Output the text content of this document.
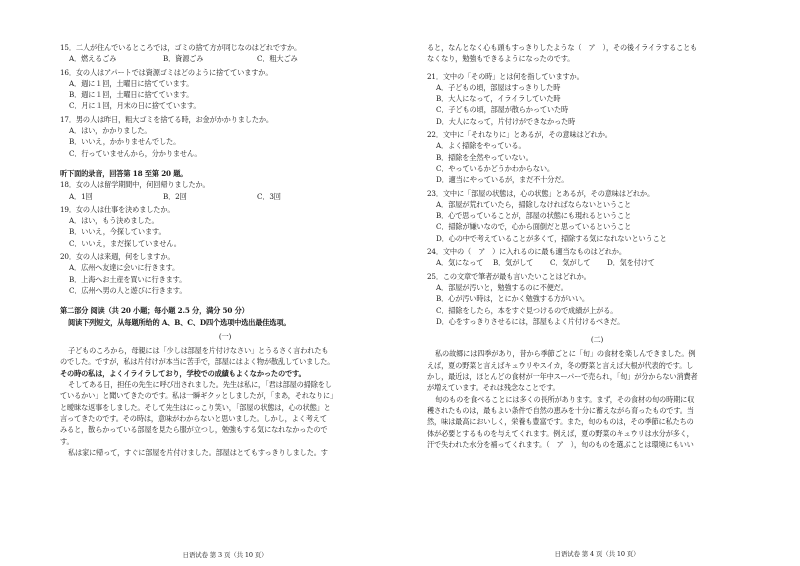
15．二人が住んでいるところでは，ゴミの捨て方が同じなのはどれですか。
A．燃えるごみ	B．資源ごみ	C．粗大ごみ
16．女の人はアパートでは資源ゴミはどのように捨てていますか。
A．週に１回，土曜日に捨てています。
B．週に１回，土曜日に捨てています。
C．月に１回，月末の日に捨てています。
17．男の人は昨日，粗大ゴミを捨てる時，お金がかかりましたか。
A．はい，かかりました。
B．いいえ，かかりませんでした。
C．行っていませんから，分かりません。
听下面的录音，回答第 18 至第 20 题。
18．女の人は留学期間中，何回帰りましたか。
A．1回	B．2回	C．3回
19．女の人は仕事を決めましたか。
A．はい，もう決めました。
B．いいえ，今探しています。
C．いいえ，まだ探していません。
20．女の人は来週，何をしますか。
A．広州へ友達に会いに行きます。
B．上海へお土産を買いに行きます。
C．広州へ男の人と遊びに行きます。
第二部分 阅读（共 20 小题；每小题 2.5 分，满分 50 分）
阅读下列短文，从每题所给的 A、B、C、D四个选项中选出最佳选项。
(一)
子どものころから，母親には「少しは部屋を片付けなさい」とうるさく言われたも
のでした。ですが，私は片付けが本当に苦手で，部屋にはよく物が散乱していました。
その時の私は，よくイライラしており，学校での成績もよくなかったのです。
そしてある日，担任の先生に呼び出されました。先生は私に，「君は部屋の掃除をし
ているかい」と聞いてきたのです。私は一瞬ギクッとしましたが，「まあ，それなりに」
と曖昧な返事をしました。そして先生はにっこり笑い，「部屋の状態は，心の状態」と
言ってきたのです。その時は，意味がわからないと思いました。しかし，よく考えて
みると，散らかっている部屋を見たら服が立つし，勉強もする気になれなかったので
す。
私は家に帰って，すぐに部屋を片付けました。部屋はとてもすっきりしました。す
日语试卷 第 3 页（共 10 页）
ると，なんとなく心も頭もすっきりしたような（　ア　），その後イライラすることも
なくなり，勉強もできるようになったのです。
21．文中の「その時」とは何を指していますか。
A．子どもの頃，部屋はすっきりした時
B．大人になって，イライラしていた時
C．子どもの頃，部屋が散らかっていた時
D．大人になって，片付けができなかった時
22．文中に「それなりに」とあるが，その意味はどれか。
A．よく掃除をやっている。
B．掃除を全然やっていない。
C．やっているかどうかわからない。
D．適当にやっているが，まだ不十分だ。
23．文中に「部屋の状態は，心の状態」とあるが，その意味はどれか。
A．部屋が荒れていたら，掃除しなければならないということ
B．心で思っていることが，部屋の状態にも現れるということ
C．掃除が嫌いなので，心から面倒だと思っているということ
D．心の中で考えていることが多くて，掃除する気になれないということ
24．文中の（　ア　）に入れるのに最も適当なものはどれか。
A．気になって	B．気がして	C．気がして	D．気を付けて
25．この文章で筆者が最も言いたいことはどれか。
A．部屋が汚いと，勉強するのに不便だ。
B．心が汚い時は，とにかく勉強する方がいい。
C．掃除をしたら，本をすぐ見つけるので成績が上がる。
D．心をすっきりさせるには，部屋もよく片付けるべきだ。
(二)
私の故郷には四季があり，昔から季節ごとに「旬」の食材を楽しんできました。例
えば，夏の野菜と言えばキュウリやスイカ，冬の野菜と言えば大根が代表的です。し
かし，最近は，ほとんどの食材が一年中スーパーで売られ，「旬」が分からない消費者
が増えています。それは残念なことです。
旬のものを食べることには多くの長所があります。まず，その食材の旬の時期に収
穫されたものは，最もよい条件で自然の恵みを十分に蓄えながら育ったものです。当
然，味は最高においしく，栄養も豊富です。また，旬のものは，その季節に私たちの
体が必要とするものを与えてくれます。例えば，夏の野菜のキュウリは水分が多く，
汗で失われた水分を補ってくれます。（　ア　），旬のものを選ぶことは環境にもいい
日语试卷 第 4 页（共 10 页）
